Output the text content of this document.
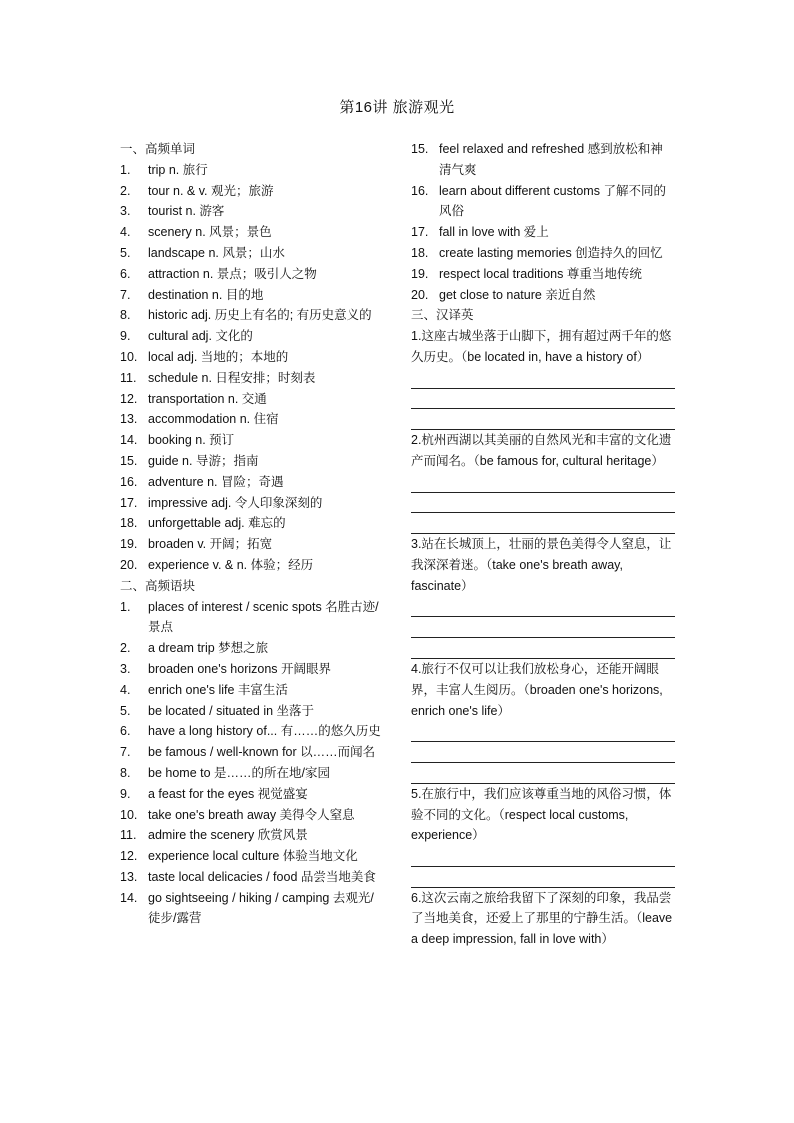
第16讲 旅游观光
一、高频单词
1.	trip n. 旅行
2.	tour n. & v. 观光；旅游
3.	tourist n. 游客
4.	scenery n. 风景；景色
5.	landscape n. 风景；山水
6.	attraction n. 景点；吸引人之物
7.	destination n. 目的地
8.	historic adj. 历史上有名的; 有历史意义的
9.	cultural adj. 文化的
10. local adj. 当地的；本地的
11. schedule n. 日程安排；时刻表
12. transportation n. 交通
13. accommodation n. 住宿
14. booking n. 预订
15. guide n. 导游；指南
16. adventure n. 冒险；奇遇
17. impressive adj. 令人印象深刻的
18. unforgettable adj. 难忘的
19. broaden v. 开阔；拓宽
20. experience v. & n. 体验；经历
二、高频语块
1.	places of interest / scenic spots 名胜古迹/景点
2.	a dream trip 梦想之旅
3.	broaden one's horizons 开阔眼界
4.	enrich one's life 丰富生活
5.	be located / situated in 坐落于
6.	have a long history of... 有……的悠久历史
7.	be famous / well-known for 以……而闻名
8.	be home to 是……的所在地/家园
9.	a feast for the eyes 视觉盛宴
10. take one's breath away 美得令人窒息
11. admire the scenery 欣赏风景
12. experience local culture 体验当地文化
13. taste local delicacies / food 品尝当地美食
14. go sightseeing / hiking / camping 去观光/徒步/露营
15. feel relaxed and refreshed 感到放松和神清气爽
16. learn about different customs 了解不同的风俗
17. fall in love with 爱上
18. create lasting memories 创造持久的回忆
19. respect local traditions 尊重当地传统
20. get close to nature 亲近自然
三、汉译英
1.这座古城坐落于山脚下，拥有超过两千年的悠久历史。（be located in, have a history of）
2.杭州西湖以其美丽的自然风光和丰富的文化遗产而闻名。（be famous for, cultural heritage）
3.站在长城顶上，壮丽的景色美得令人窒息，让我深深着迷。（take one's breath away, fascinate）
4.旅行不仅可以让我们放松身心，还能开阔眼界，丰富人生阅历。（broaden one's horizons, enrich one's life）
5.在旅行中，我们应该尊重当地的风俗习惯，体验不同的文化。（respect local customs, experience）
6.这次云南之旅给我留下了深刻的印象，我品尝了当地美食，还爱上了那里的宁静生活。（leave a deep impression, fall in love with）
